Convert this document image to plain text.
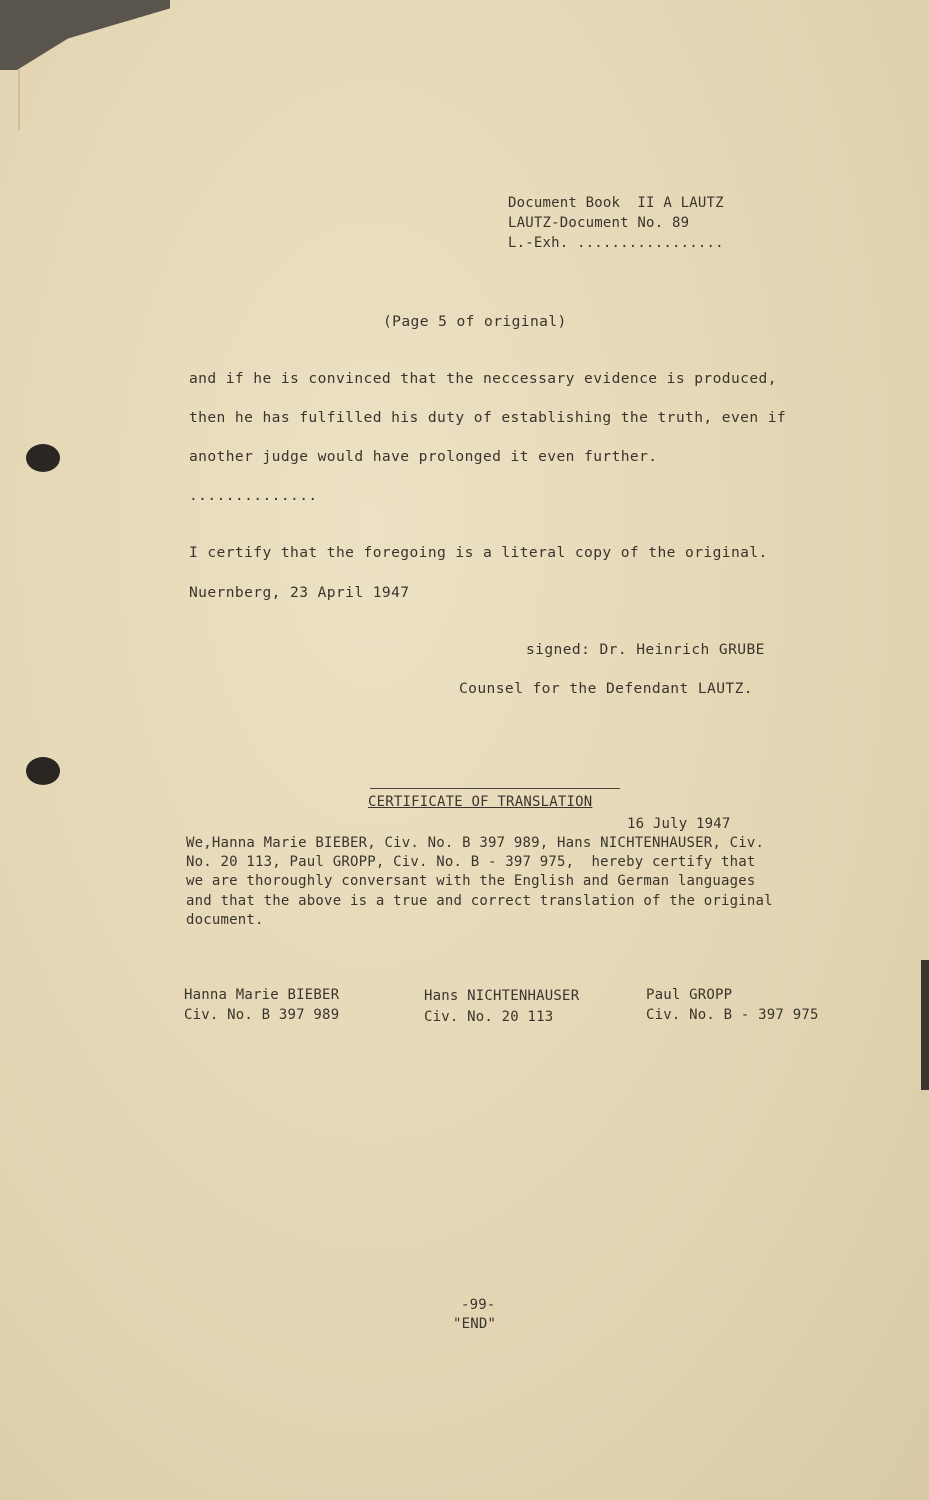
Document Book  II A LAUTZ

LAUTZ-Document No. 89

L.-Exh. .................

(Page 5 of original)

and if he is convinced that the neccessary evidence is produced,

then he has fulfilled his duty of establishing the truth, even if

another judge would have prolonged it even further.

..............

I certify that the foregoing is a literal copy of the original.

Nuernberg, 23 April 1947

signed: Dr. Heinrich GRUBE

Counsel for the Defendant LAUTZ.

CERTIFICATE OF TRANSLATION

16 July 1947

We,Hanna Marie BIEBER, Civ. No. B 397 989, Hans NICHTENHAUSER, Civ.

No. 20 113, Paul GROPP, Civ. No. B - 397 975,  hereby certify that

we are thoroughly conversant with the English and German languages

and that the above is a true and correct translation of the original

document.

Hanna Marie BIEBER

Civ. No. B 397 989

Hans NICHTENHAUSER

Civ. No. 20 113

Paul GROPP

Civ. No. B - 397 975

-99-

"END"
